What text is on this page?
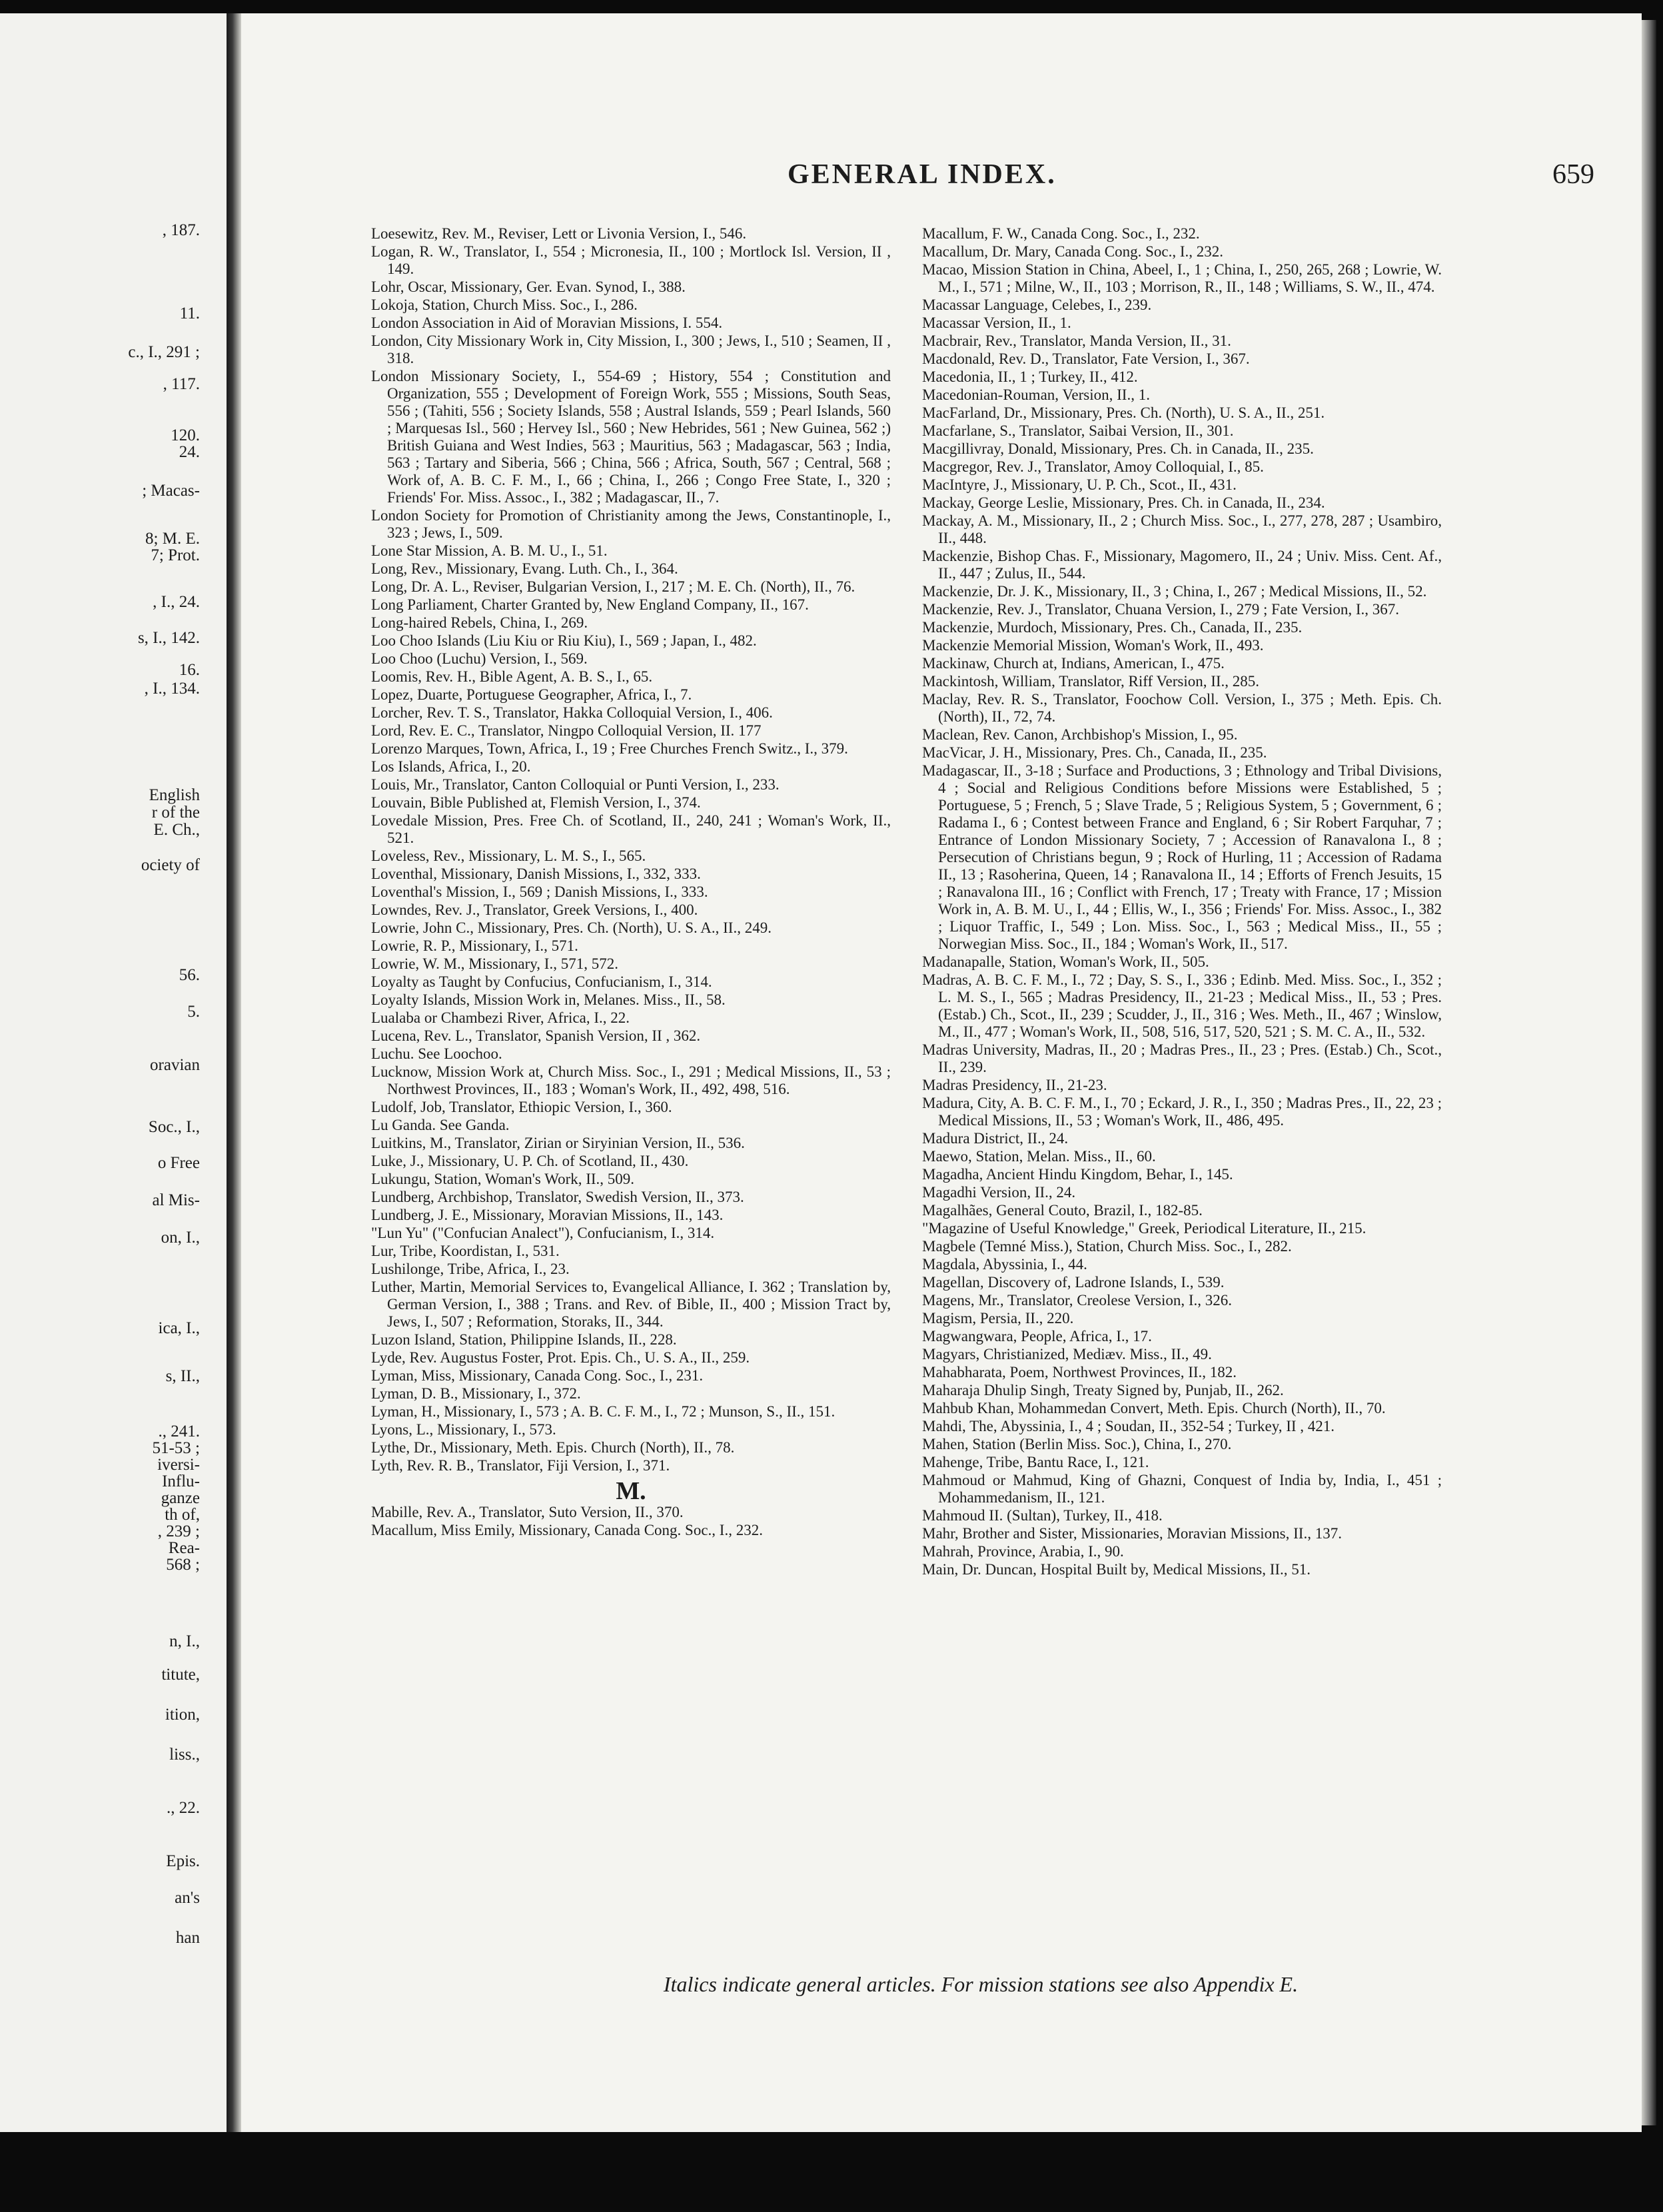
, 187.
11.
c., I., 291 ;
, 117.
120.
24.
; Macas-
8; M. E.
7; Prot.
, I., 24.
s, I., 142.
16.
, I., 134.
English
r of the
E. Ch.,
ociety of
56.
5.
oravian
Soc., I.,
o Free
al Mis-
on, I.,
ica, I.,
s, II.,
., 241.
51-53 ;
iversi-
Influ-
ganze
th of,
, 239 ;
Rea-
568 ;
n, I.,
titute,
ition,
liss.,
., 22.
Epis.
an's
han
GENERAL INDEX.	659

Loesewitz, Rev. M., Reviser, Lett or Livonia Version, I., 546.

Logan, R. W., Translator, I., 554 ; Micronesia, II., 100 ; Mortlock Isl. Version, II , 149.

Lohr, Oscar, Missionary, Ger. Evan. Synod, I., 388.

Lokoja, Station, Church Miss. Soc., I., 286.

London Association in Aid of Moravian Missions, I. 554.

London, City Missionary Work in, City Mission, I., 300 ; Jews, I., 510 ; Seamen, II , 318.

London Missionary Society, I., 554-69 ; History, 554 ; Constitution and Organization, 555 ; Development of Foreign Work, 555 ; Missions, South Seas, 556 ; (Tahiti, 556 ; Society Islands, 558 ; Austral Islands, 559 ; Pearl Islands, 560 ; Marquesas Isl., 560 ; Hervey Isl., 560 ; New Hebrides, 561 ; New Guinea, 562 ;) British Guiana and West Indies, 563 ; Mauritius, 563 ; Madagascar, 563 ; India, 563 ; Tartary and Siberia, 566 ; China, 566 ; Africa, South, 567 ; Central, 568 ; Work of, A. B. C. F. M., I., 66 ; China, I., 266 ; Congo Free State, I., 320 ; Friends' For. Miss. Assoc., I., 382 ; Madagascar, II., 7.

London Society for Promotion of Christianity among the Jews, Constantinople, I., 323 ; Jews, I., 509.

Lone Star Mission, A. B. M. U., I., 51.

Long, Rev., Missionary, Evang. Luth. Ch., I., 364.

Long, Dr. A. L., Reviser, Bulgarian Version, I., 217 ; M. E. Ch. (North), II., 76.

Long Parliament, Charter Granted by, New England Company, II., 167.

Long-haired Rebels, China, I., 269.

Loo Choo Islands (Liu Kiu or Riu Kiu), I., 569 ; Japan, I., 482.

Loo Choo (Luchu) Version, I., 569.

Loomis, Rev. H., Bible Agent, A. B. S., I., 65.

Lopez, Duarte, Portuguese Geographer, Africa, I., 7.

Lorcher, Rev. T. S., Translator, Hakka Colloquial Version, I., 406.

Lord, Rev. E. C., Translator, Ningpo Colloquial Version, II. 177

Lorenzo Marques, Town, Africa, I., 19 ; Free Churches French Switz., I., 379.

Los Islands, Africa, I., 20.

Louis, Mr., Translator, Canton Colloquial or Punti Version, I., 233.

Louvain, Bible Published at, Flemish Version, I., 374.

Lovedale Mission, Pres. Free Ch. of Scotland, II., 240, 241 ; Woman's Work, II., 521.

Loveless, Rev., Missionary, L. M. S., I., 565.

Loventhal, Missionary, Danish Missions, I., 332, 333.

Loventhal's Mission, I., 569 ; Danish Missions, I., 333.

Lowndes, Rev. J., Translator, Greek Versions, I., 400.

Lowrie, John C., Missionary, Pres. Ch. (North), U. S. A., II., 249.

Lowrie, R. P., Missionary, I., 571.

Lowrie, W. M., Missionary, I., 571, 572.

Loyalty as Taught by Confucius, Confucianism, I., 314.

Loyalty Islands, Mission Work in, Melanes. Miss., II., 58.

Lualaba or Chambezi River, Africa, I., 22.

Lucena, Rev. L., Translator, Spanish Version, II , 362.

Luchu. See Loochoo.

Lucknow, Mission Work at, Church Miss. Soc., I., 291 ; Medical Missions, II., 53 ; Northwest Provinces, II., 183 ; Woman's Work, II., 492, 498, 516.

Ludolf, Job, Translator, Ethiopic Version, I., 360.

Lu Ganda. See Ganda.

Luitkins, M., Translator, Zirian or Siryinian Version, II., 536.

Luke, J., Missionary, U. P. Ch. of Scotland, II., 430.

Lukungu, Station, Woman's Work, II., 509.

Lundberg, Archbishop, Translator, Swedish Version, II., 373.

Lundberg, J. E., Missionary, Moravian Missions, II., 143.

"Lun Yu" ("Confucian Analect"), Confucianism, I., 314.

Lur, Tribe, Koordistan, I., 531.

Lushilonge, Tribe, Africa, I., 23.

Luther, Martin, Memorial Services to, Evangelical Alliance, I. 362 ; Translation by, German Version, I., 388 ; Trans. and Rev. of Bible, II., 400 ; Mission Tract by, Jews, I., 507 ; Reformation, Storaks, II., 344.

Luzon Island, Station, Philippine Islands, II., 228.

Lyde, Rev. Augustus Foster, Prot. Epis. Ch., U. S. A., II., 259.

Lyman, Miss, Missionary, Canada Cong. Soc., I., 231.

Lyman, D. B., Missionary, I., 372.

Lyman, H., Missionary, I., 573 ; A. B. C. F. M., I., 72 ; Munson, S., II., 151.

Lyons, L., Missionary, I., 573.

Lythe, Dr., Missionary, Meth. Epis. Church (North), II., 78.

Lyth, Rev. R. B., Translator, Fiji Version, I., 371.

M.

Mabille, Rev. A., Translator, Suto Version, II., 370.

Macallum, Miss Emily, Missionary, Canada Cong. Soc., I., 232.

Macallum, F. W., Canada Cong. Soc., I., 232.

Macallum, Dr. Mary, Canada Cong. Soc., I., 232.

Macao, Mission Station in China, Abeel, I., 1 ; China, I., 250, 265, 268 ; Lowrie, W. M., I., 571 ; Milne, W., II., 103 ; Morrison, R., II., 148 ; Williams, S. W., II., 474.

Macassar Language, Celebes, I., 239.

Macassar Version, II., 1.

Macbrair, Rev., Translator, Manda Version, II., 31.

Macdonald, Rev. D., Translator, Fate Version, I., 367.

Macedonia, II., 1 ; Turkey, II., 412.

Macedonian-Rouman, Version, II., 1.

MacFarland, Dr., Missionary, Pres. Ch. (North), U. S. A., II., 251.

Macfarlane, S., Translator, Saibai Version, II., 301.

Macgillivray, Donald, Missionary, Pres. Ch. in Canada, II., 235.

Macgregor, Rev. J., Translator, Amoy Colloquial, I., 85.

MacIntyre, J., Missionary, U. P. Ch., Scot., II., 431.

Mackay, George Leslie, Missionary, Pres. Ch. in Canada, II., 234.

Mackay, A. M., Missionary, II., 2 ; Church Miss. Soc., I., 277, 278, 287 ; Usambiro, II., 448.

Mackenzie, Bishop Chas. F., Missionary, Magomero, II., 24 ; Univ. Miss. Cent. Af., II., 447 ; Zulus, II., 544.

Mackenzie, Dr. J. K., Missionary, II., 3 ; China, I., 267 ; Medical Missions, II., 52.

Mackenzie, Rev. J., Translator, Chuana Version, I., 279 ; Fate Version, I., 367.

Mackenzie, Murdoch, Missionary, Pres. Ch., Canada, II., 235.

Mackenzie Memorial Mission, Woman's Work, II., 493.

Mackinaw, Church at, Indians, American, I., 475.

Mackintosh, William, Translator, Riff Version, II., 285.

Maclay, Rev. R. S., Translator, Foochow Coll. Version, I., 375 ; Meth. Epis. Ch. (North), II., 72, 74.

Maclean, Rev. Canon, Archbishop's Mission, I., 95.

MacVicar, J. H., Missionary, Pres. Ch., Canada, II., 235.

Madagascar, II., 3-18 ; Surface and Productions, 3 ; Ethnology and Tribal Divisions, 4 ; Social and Religious Conditions before Missions were Established, 5 ; Portuguese, 5 ; French, 5 ; Slave Trade, 5 ; Religious System, 5 ; Government, 6 ; Radama I., 6 ; Contest between France and England, 6 ; Sir Robert Farquhar, 7 ; Entrance of London Missionary Society, 7 ; Accession of Ranavalona I., 8 ; Persecution of Christians begun, 9 ; Rock of Hurling, 11 ; Accession of Radama II., 13 ; Rasoherina, Queen, 14 ; Ranavalona II., 14 ; Efforts of French Jesuits, 15 ; Ranavalona III., 16 ; Conflict with French, 17 ; Treaty with France, 17 ; Mission Work in, A. B. M. U., I., 44 ; Ellis, W., I., 356 ; Friends' For. Miss. Assoc., I., 382 ; Liquor Traffic, I., 549 ; Lon. Miss. Soc., I., 563 ; Medical Miss., II., 55 ; Norwegian Miss. Soc., II., 184 ; Woman's Work, II., 517.

Madanapalle, Station, Woman's Work, II., 505.

Madras, A. B. C. F. M., I., 72 ; Day, S. S., I., 336 ; Edinb. Med. Miss. Soc., I., 352 ; L. M. S., I., 565 ; Madras Presidency, II., 21-23 ; Medical Miss., II., 53 ; Pres. (Estab.) Ch., Scot., II., 239 ; Scudder, J., II., 316 ; Wes. Meth., II., 467 ; Winslow, M., II., 477 ; Woman's Work, II., 508, 516, 517, 520, 521 ; S. M. C. A., II., 532.

Madras University, Madras, II., 20 ; Madras Pres., II., 23 ; Pres. (Estab.) Ch., Scot., II., 239.

Madras Presidency, II., 21-23.

Madura, City, A. B. C. F. M., I., 70 ; Eckard, J. R., I., 350 ; Madras Pres., II., 22, 23 ; Medical Missions, II., 53 ; Woman's Work, II., 486, 495.

Madura District, II., 24.

Maewo, Station, Melan. Miss., II., 60.

Magadha, Ancient Hindu Kingdom, Behar, I., 145.

Magadhi Version, II., 24.

Magalhães, General Couto, Brazil, I., 182-85.

"Magazine of Useful Knowledge," Greek, Periodical Literature, II., 215.

Magbele (Temné Miss.), Station, Church Miss. Soc., I., 282.

Magdala, Abyssinia, I., 44.

Magellan, Discovery of, Ladrone Islands, I., 539.

Magens, Mr., Translator, Creolese Version, I., 326.

Magism, Persia, II., 220.

Magwangwara, People, Africa, I., 17.

Magyars, Christianized, Mediæv. Miss., II., 49.

Mahabharata, Poem, Northwest Provinces, II., 182.

Maharaja Dhulip Singh, Treaty Signed by, Punjab, II., 262.

Mahbub Khan, Mohammedan Convert, Meth. Epis. Church (North), II., 70.

Mahdi, The, Abyssinia, I., 4 ; Soudan, II., 352-54 ; Turkey, II , 421.

Mahen, Station (Berlin Miss. Soc.), China, I., 270.

Mahenge, Tribe, Bantu Race, I., 121.

Mahmoud or Mahmud, King of Ghazni, Conquest of India by, India, I., 451 ; Mohammedanism, II., 121.

Mahmoud II. (Sultan), Turkey, II., 418.

Mahr, Brother and Sister, Missionaries, Moravian Missions, II., 137.

Mahrah, Province, Arabia, I., 90.

Main, Dr. Duncan, Hospital Built by, Medical Missions, II., 51.

Italics indicate general articles. For mission stations see also Appendix E.
